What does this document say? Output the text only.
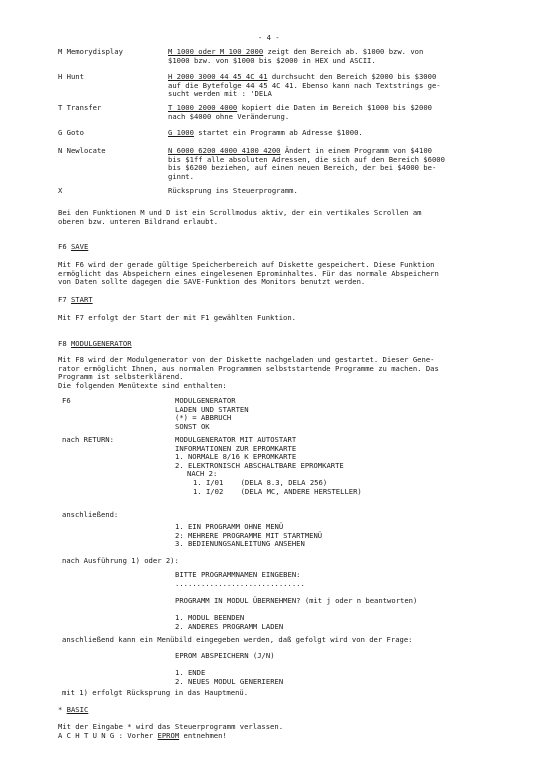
- 4 -
M Memorydisplay	M 1000 oder M 100 2000 zeigt den Bereich ab. $1000 bzw. von
$1000 bzw. von $1000 bis $2000 in HEX und ASCII.
H Hunt	H 2000 3000 44 45 4C 41 durchsucht den Bereich $2000 bis $3000
auf die Bytefolge 44 45 4C 41. Ebenso kann nach Textstrings ge-
sucht werden mit : 'DELA
T Transfer	T 1000 2000 4000 kopiert die Daten im Bereich $1000 bis $2000
nach $4000 ohne Veränderung.
G Goto	G 1000 startet ein Programm ab Adresse $1000.
N Newlocate	N 6000 6200 4000 4100 4200 Ändert in einem Programm von $4100
bis $1ff alle absoluten Adressen, die sich auf den Bereich $6000
bis $6200 beziehen, auf einen neuen Bereich, der bei $4000 be-
ginnt.
X	Rücksprung ins Steuerprogramm.
Bei den Funktionen M und D ist ein Scrollmodus aktiv, der ein vertikales Scrollen am
oberen bzw. unteren Bildrand erlaubt.
F6 SAVE
Mit F6 wird der gerade gültige Speicherbereich auf Diskette gespeichert. Diese Funktion
ermöglicht das Abspeichern eines eingelesenen Eprominhaltes. Für das normale Abspeichern
von Daten sollte dagegen die SAVE-Funktion des Monitors benutzt werden.
F7 START
Mit F7 erfolgt der Start der mit F1 gewählten Funktion.
F8 MODULGENERATOR
Mit F8 wird der Modulgenerator von der Diskette nachgeladen und gestartet. Dieser Gene-
rator ermöglicht Ihnen, aus normalen Programmen selbststartende Programme zu machen. Das
Programm ist selbsterklärend.
Die folgenden Menütexte sind enthalten:
F6	MODULGENERATOR
LADEN UND STARTEN
(*) = ABBRUCH
SONST OK
nach RETURN:	MODULGENERATOR MIT AUTOSTART
INFORMATIONEN ZUR EPROMKARTE
1. NORMALE 8/16 K EPROMKARTE
2. ELEKTRONISCH ABSCHALTBARE EPROMKARTE
NACH 2:
1. I/01    (DELA 8.3, DELA 256)
1. I/02    (DELA MC, ANDERE HERSTELLER)
anschließend:
1. EIN PROGRAMM OHNE MENÜ
2: MEHRERE PROGRAMME MIT STARTMENÜ
3. BEDIENUNGSANLEITUNG ANSEHEN
nach Ausführung 1) oder 2):
BITTE PROGRAMMNAMEN EINGEBEN:
..............................

PROGRAMM IN MODUL ÜBERNEHMEN? (mit j oder n beantworten)

1. MODUL BEENDEN
2. ANDERES PROGRAMM LADEN
anschließend kann ein Menübild eingegeben werden, daß gefolgt wird von der Frage:
EPROM ABSPEICHERN (J/N)

1. ENDE
2. NEUES MODUL GENERIEREN
mit 1) erfolgt Rücksprung in das Hauptmenü.
* BASIC
Mit der Eingabe * wird das Steuerprogramm verlassen.
A C H T U N G : Vorher EPROM entnehmen!
